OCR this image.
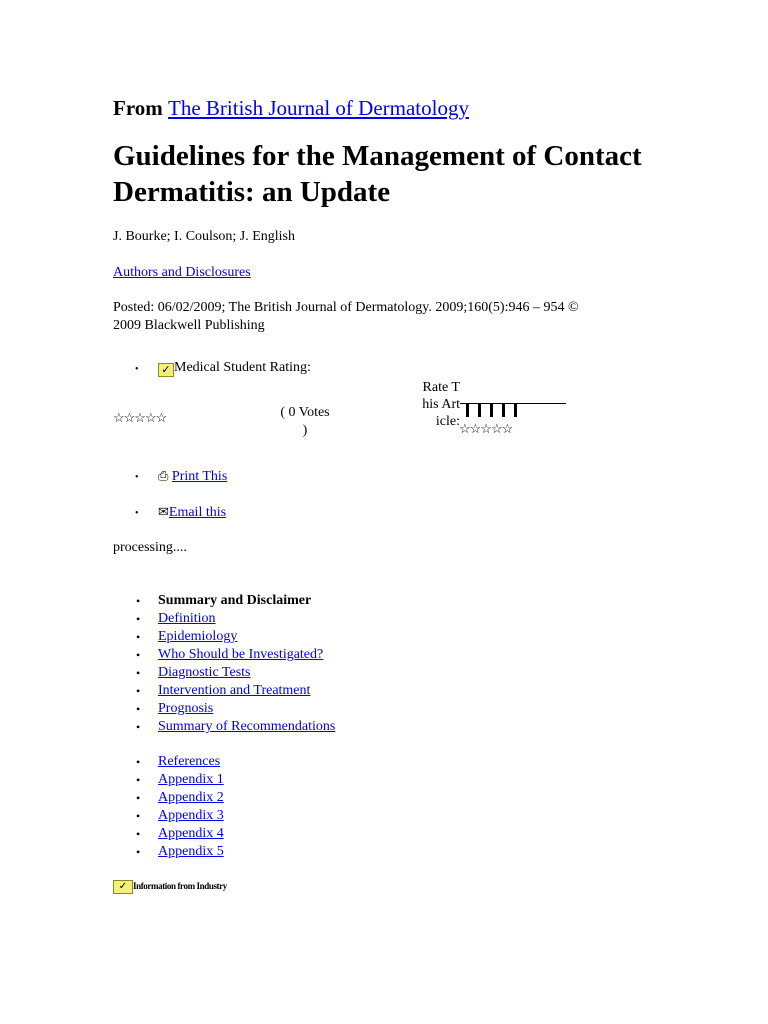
From The British Journal of Dermatology
Guidelines for the Management of Contact Dermatitis: an Update
J. Bourke; I. Coulson; J. English
Authors and Disclosures
Posted: 06/02/2009; The British Journal of Dermatology. 2009;160(5):946 – 954 © 2009 Blackwell Publishing
•	✓ Medical Student Rating:
☆☆☆☆☆	( 0 Votes )
Rate This Article: ☆☆☆☆☆
• ⎙ Print This
• ✉Email this
processing....
• Summary and Disclaimer
• Definition
• Epidemiology
• Who Should be Investigated?
• Diagnostic Tests
• Intervention and Treatment
• Prognosis
• Summary of Recommendations
• References
• Appendix 1
• Appendix 2
• Appendix 3
• Appendix 4
• Appendix 5
✓ Information from Industry
